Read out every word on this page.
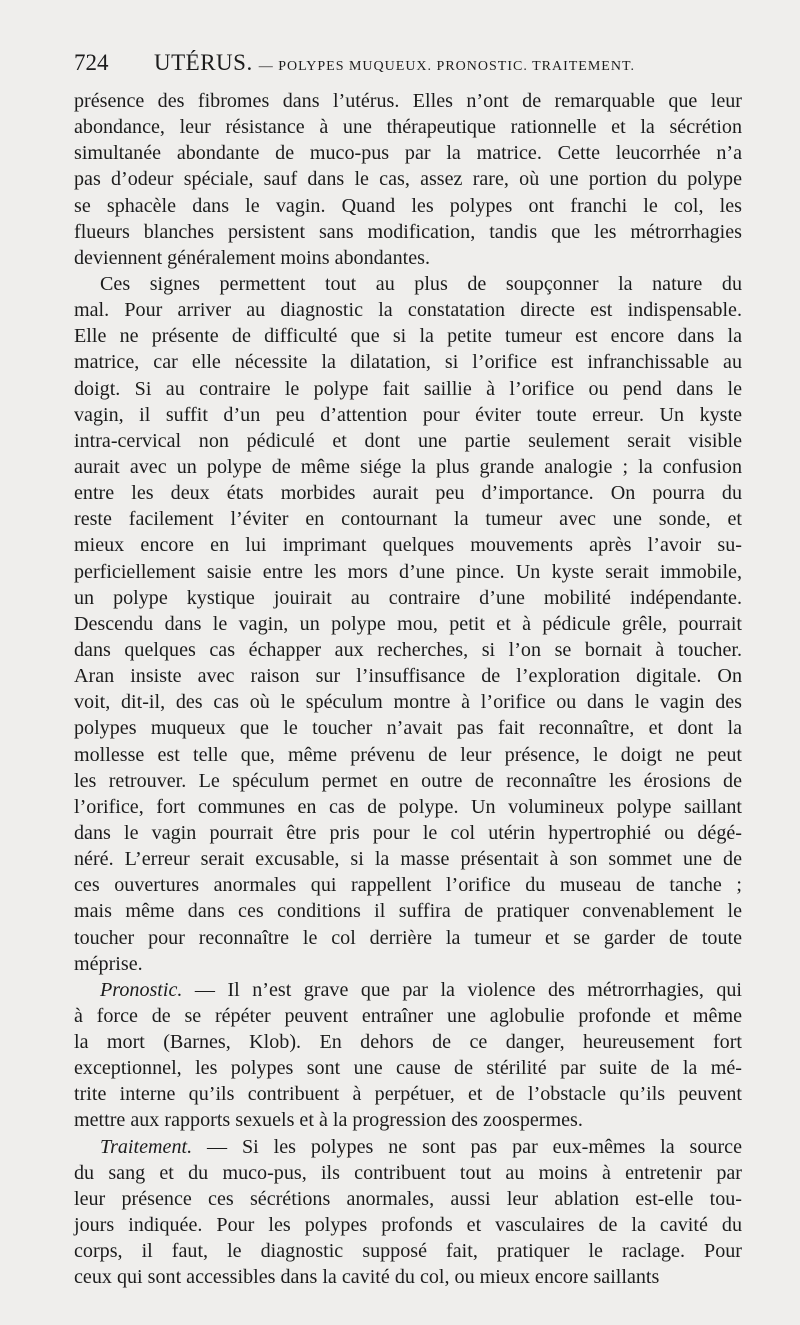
724	UTÉRUS. — POLYPES MUQUEUX. PRONOSTIC. TRAITEMENT.
présence des fibromes dans l’utérus. Elles n’ont de remarquable que leur
abondance, leur résistance à une thérapeutique rationnelle et la sécrétion
simultanée abondante de muco-pus par la matrice. Cette leucorrhée n’a
pas d’odeur spéciale, sauf dans le cas, assez rare, où une portion du polype
se sphacèle dans le vagin. Quand les polypes ont franchi le col, les
flueurs blanches persistent sans modification, tandis que les métrorrhagies
deviennent généralement moins abondantes.
Ces signes permettent tout au plus de soupçonner la nature du
mal. Pour arriver au diagnostic la constatation directe est indispensable.
Elle ne présente de difficulté que si la petite tumeur est encore dans la
matrice, car elle nécessite la dilatation, si l’orifice est infranchissable au
doigt. Si au contraire le polype fait saillie à l’orifice ou pend dans le
vagin, il suffit d’un peu d’attention pour éviter toute erreur. Un kyste
intra-cervical non pédiculé et dont une partie seulement serait visible
aurait avec un polype de même siége la plus grande analogie ; la confusion
entre les deux états morbides aurait peu d’importance. On pourra du
reste facilement l’éviter en contournant la tumeur avec une sonde, et
mieux encore en lui imprimant quelques mouvements après l’avoir su-
perficiellement saisie entre les mors d’une pince. Un kyste serait immobile,
un polype kystique jouirait au contraire d’une mobilité indépendante.
Descendu dans le vagin, un polype mou, petit et à pédicule grêle, pourrait
dans quelques cas échapper aux recherches, si l’on se bornait à toucher.
Aran insiste avec raison sur l’insuffisance de l’exploration digitale. On
voit, dit-il, des cas où le spéculum montre à l’orifice ou dans le vagin des
polypes muqueux que le toucher n’avait pas fait reconnaître, et dont la
mollesse est telle que, même prévenu de leur présence, le doigt ne peut
les retrouver. Le spéculum permet en outre de reconnaître les érosions de
l’orifice, fort communes en cas de polype. Un volumineux polype saillant
dans le vagin pourrait être pris pour le col utérin hypertrophié ou dégé-
néré. L’erreur serait excusable, si la masse présentait à son sommet une de
ces ouvertures anormales qui rappellent l’orifice du museau de tanche ;
mais même dans ces conditions il suffira de pratiquer convenablement le
toucher pour reconnaître le col derrière la tumeur et se garder de toute
méprise.
Pronostic. — Il n’est grave que par la violence des métrorrhagies, qui
à force de se répéter peuvent entraîner une aglobulie profonde et même
la mort (Barnes, Klob). En dehors de ce danger, heureusement fort
exceptionnel, les polypes sont une cause de stérilité par suite de la mé-
trite interne qu’ils contribuent à perpétuer, et de l’obstacle qu’ils peuvent
mettre aux rapports sexuels et à la progression des zoospermes.
Traitement. — Si les polypes ne sont pas par eux-mêmes la source
du sang et du muco-pus, ils contribuent tout au moins à entretenir par
leur présence ces sécrétions anormales, aussi leur ablation est-elle tou-
jours indiquée. Pour les polypes profonds et vasculaires de la cavité du
corps, il faut, le diagnostic supposé fait, pratiquer le raclage. Pour
ceux qui sont accessibles dans la cavité du col, ou mieux encore saillants
